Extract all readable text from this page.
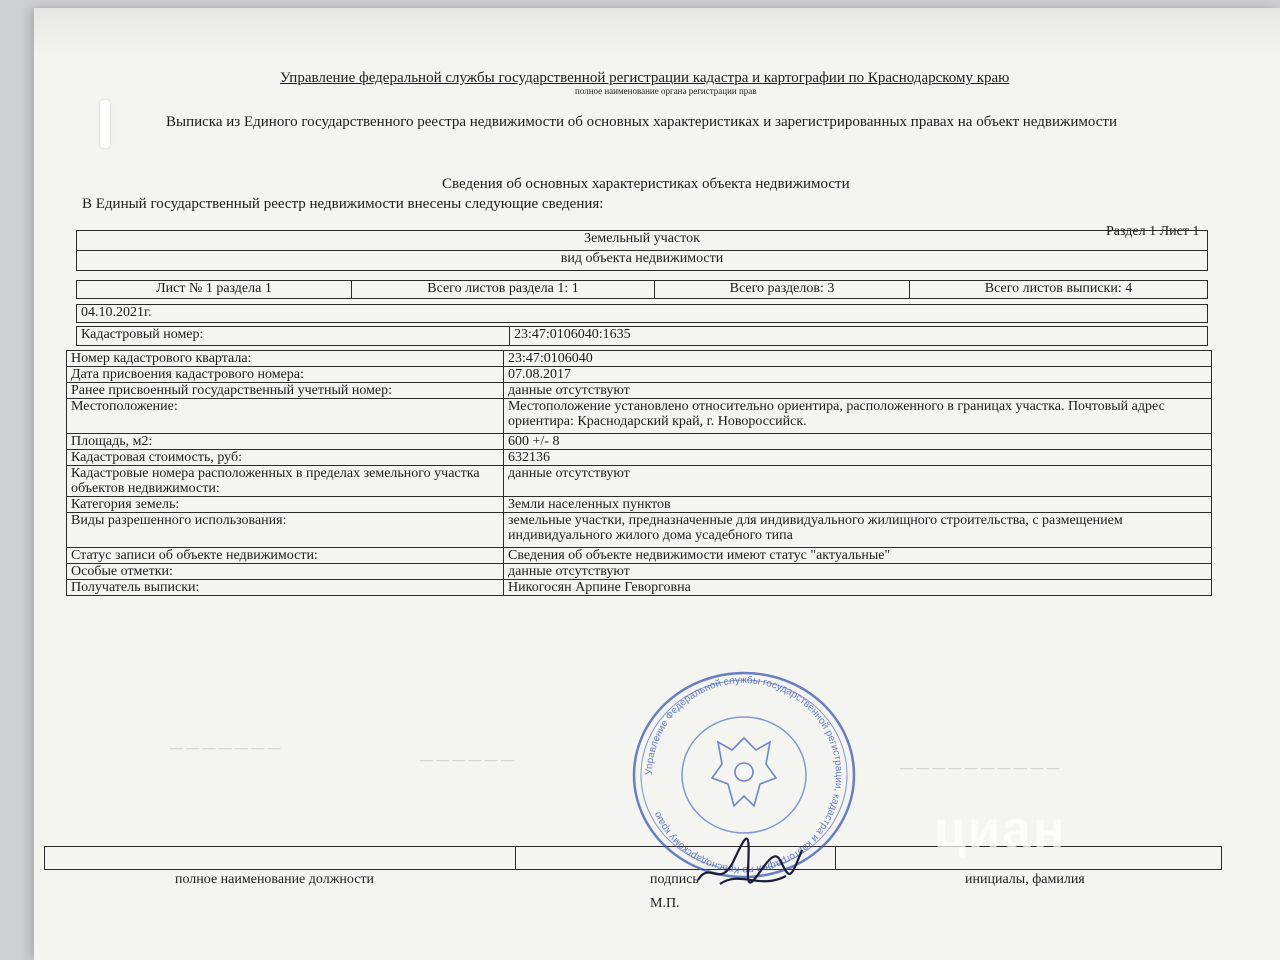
Управление федеральной службы государственной регистрации кадастра и картографии по Краснодарскому краю
полное наименование органа регистрации прав
Выписка из Единого государственного реестра недвижимости об основных характеристиках и зарегистрированных правах на объект недвижимости
Сведения об основных характеристиках объекта недвижимости
В Единый государственный реестр недвижимости внесены следующие сведения:
Раздел 1 Лист 1
Земельный участок
вид объекта недвижимости
Лист № 1 раздела 1	Всего листов раздела 1: 1	Всего разделов: 3	Всего листов выписки: 4
04.10.2021г.
Кадастровый номер:	23:47:0106040:1635
Номер кадастрового квартала:	23:47:0106040
Дата присвоения кадастрового номера:	07.08.2017
Ранее присвоенный государственный учетный номер:	данные отсутствуют
Местоположение:	Местоположение установлено относительно ориентира, расположенного в границах участка. Почтовый адрес ориентира: Краснодарский край, г. Новороссийск.
Площадь, м2:	600 +/- 8
Кадастровая стоимость, руб:	632136
Кадастровые номера расположенных в пределах земельного участка объектов недвижимости:	данные отсутствуют
Категория земель:	Земли населенных пунктов
Виды разрешенного использования:	земельные участки, предназначенные для индивидуального жилищного строительства, с размещением индивидуального жилого дома усадебного типа
Статус записи об объекте недвижимости:	Сведения об объекте недвижимости имеют статус "актуальные"
Особые отметки:	данные отсутствуют
Получатель выписки:	Никогосян Арпине Геворговна
— — — — — — —
— — — — — —
— — — — — — — — — —
полное наименование должности	подпись	инициалы, фамилия
М.П.
Управление Федеральной службы государственной регистрации, кадастра и картографии по Краснодарскому краю	циан
